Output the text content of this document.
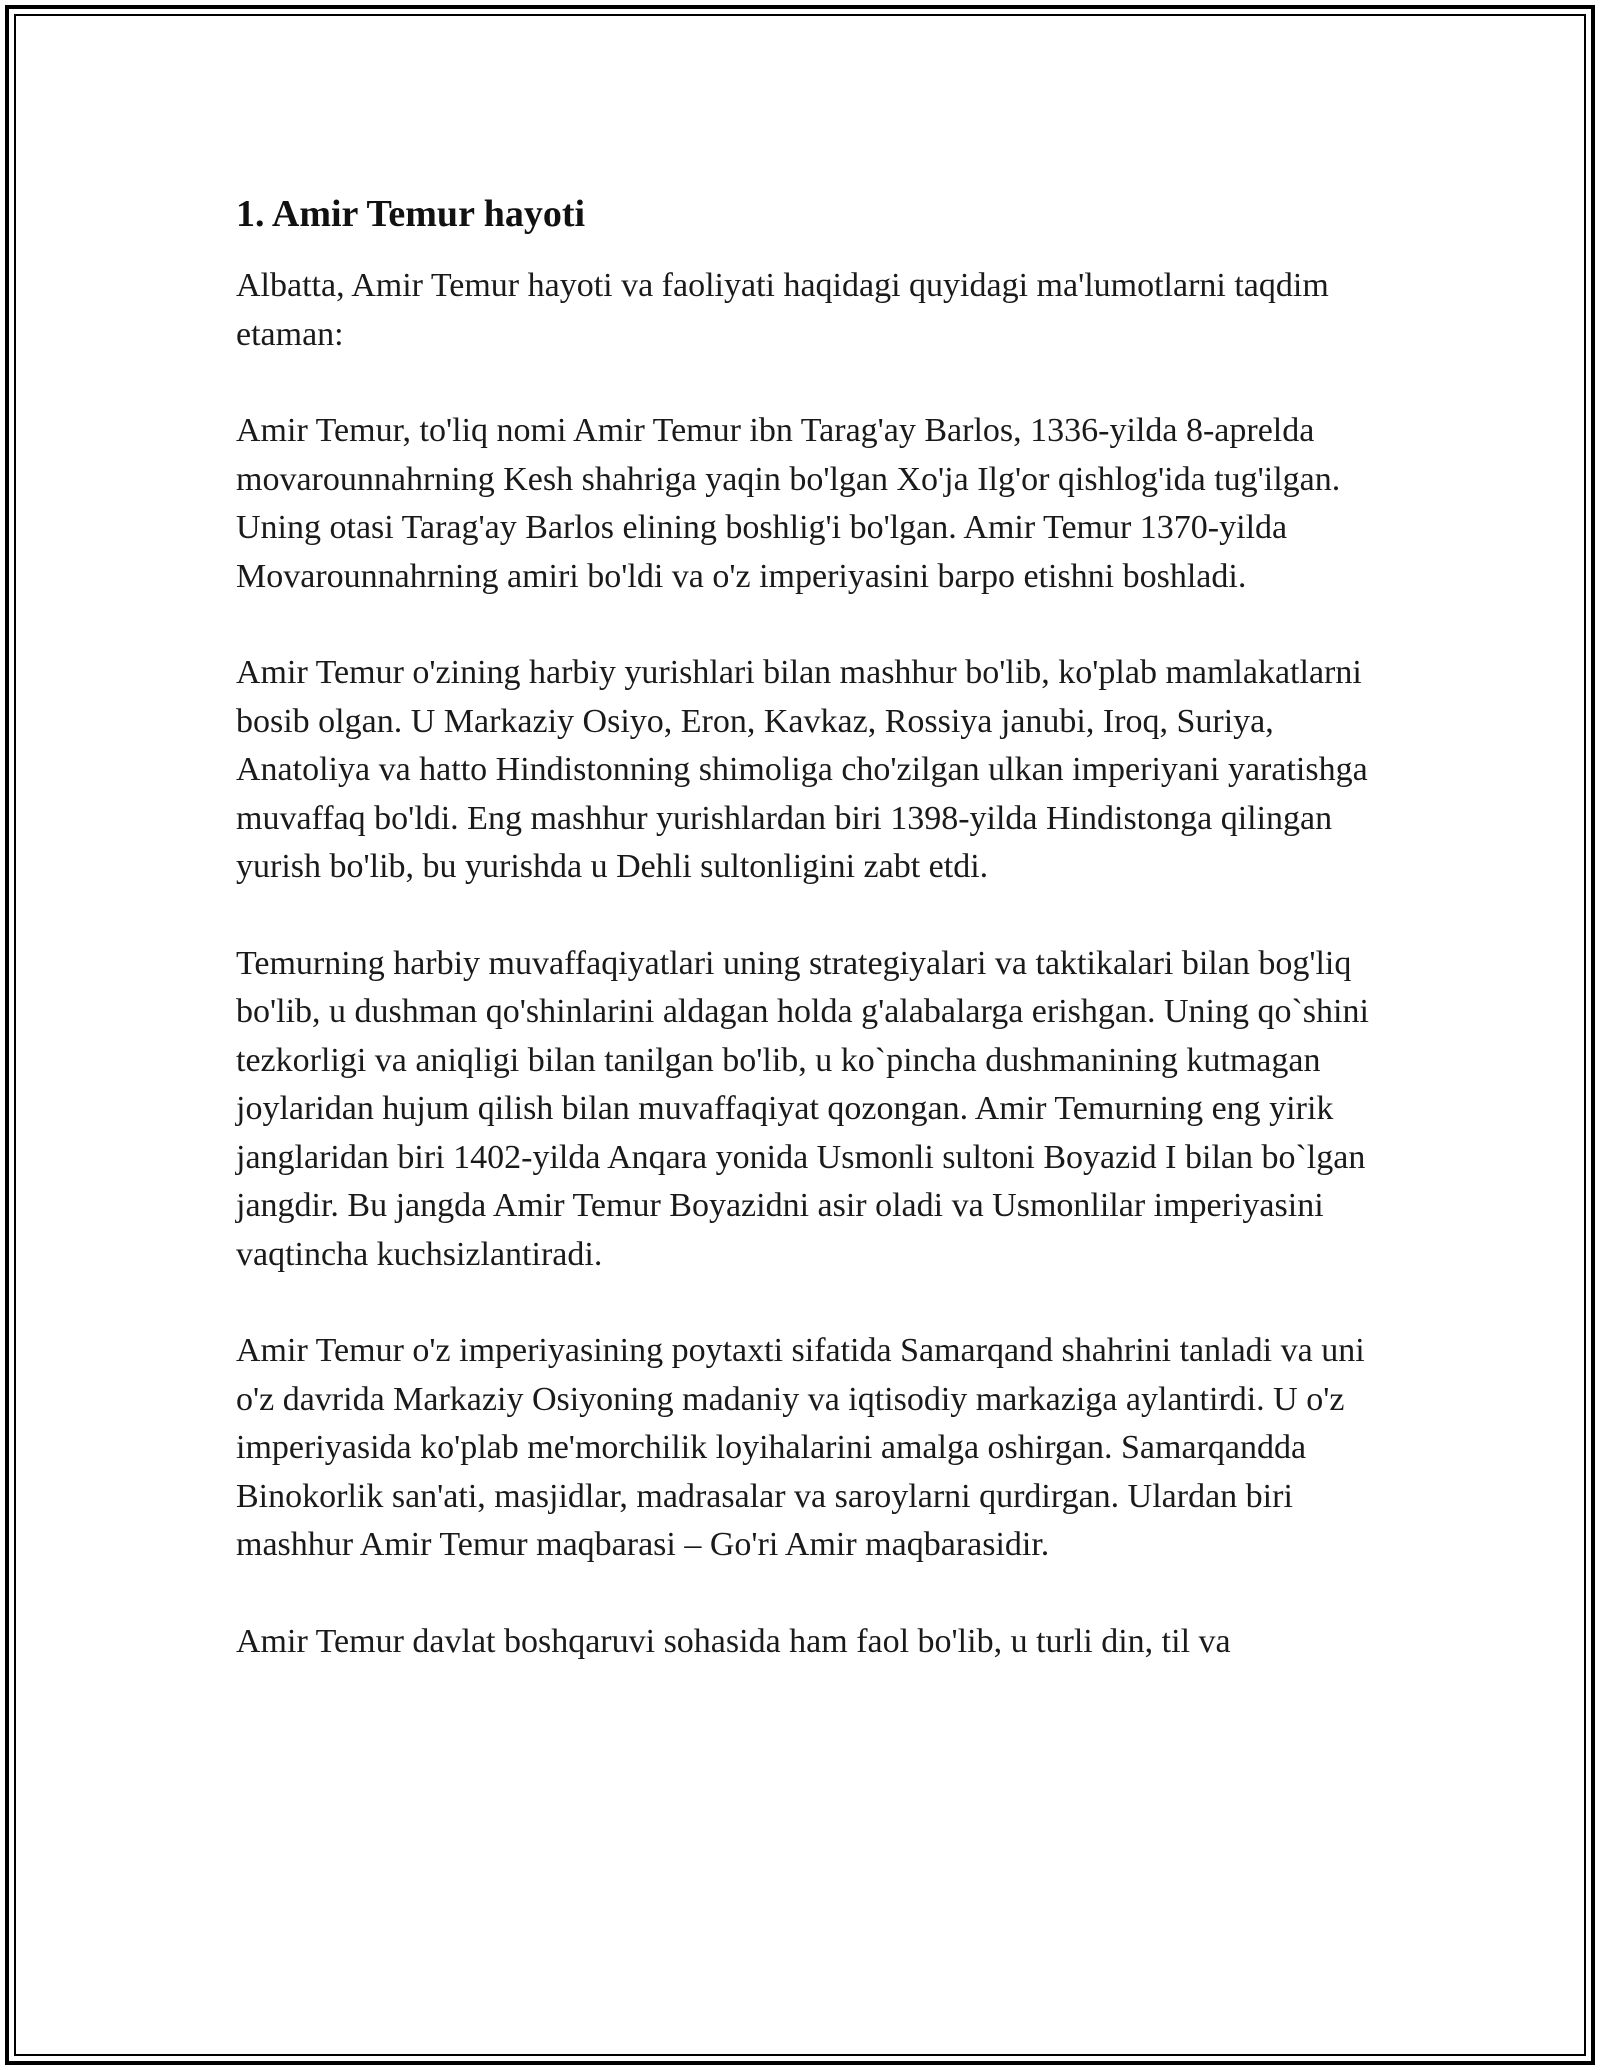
1. Amir Temur hayoti

Albatta, Amir Temur hayoti va faoliyati haqidagi quyidagi ma'lumotlarni taqdim etaman:

Amir Temur, to'liq nomi Amir Temur ibn Tarag'ay Barlos, 1336-yilda 8-aprelda movarounnahrning Kesh shahriga yaqin bo'lgan Xo'ja Ilg'or qishlog'ida tug'ilgan. Uning otasi Tarag'ay Barlos elining boshlig'i bo'lgan. Amir Temur 1370-yilda Movarounnahrning amiri bo'ldi va o'z imperiyasini barpo etishni boshladi.

Amir Temur o'zining harbiy yurishlari bilan mashhur bo'lib, ko'plab mamlakatlarni bosib olgan. U Markaziy Osiyo, Eron, Kavkaz, Rossiya janubi, Iroq, Suriya, Anatoliya va hatto Hindistonning shimoliga cho'zilgan ulkan imperiyani yaratishga muvaffaq bo'ldi. Eng mashhur yurishlardan biri 1398-yilda Hindistonga qilingan yurish bo'lib, bu yurishda u Dehli sultonligini zabt etdi.

Temurning harbiy muvaffaqiyatlari uning strategiyalari va taktikalari bilan bog'liq bo'lib, u dushman qo'shinlarini aldagan holda g'alabalarga erishgan. Uning qo`shini tezkorligi va aniqligi bilan tanilgan bo'lib, u ko`pincha dushmanining kutmagan joylaridan hujum qilish bilan muvaffaqiyat qozongan. Amir Temurning eng yirik janglaridan biri 1402-yilda Anqara yonida Usmonli sultoni Boyazid I bilan bo`lgan jangdir. Bu jangda Amir Temur Boyazidni asir oladi va Usmonlilar imperiyasini vaqtincha kuchsizlantiradi.

Amir Temur o'z imperiyasining poytaxti sifatida Samarqand shahrini tanladi va uni o'z davrida Markaziy Osiyoning madaniy va iqtisodiy markaziga aylantirdi. U o'z imperiyasida ko'plab me'morchilik loyihalarini amalga oshirgan. Samarqandda Binokorlik san'ati, masjidlar, madrasalar va saroylarni qurdirgan. Ulardan biri mashhur Amir Temur maqbarasi – Go'ri Amir maqbarasidir.

Amir Temur davlat boshqaruvi sohasida ham faol bo'lib, u turli din, til va
